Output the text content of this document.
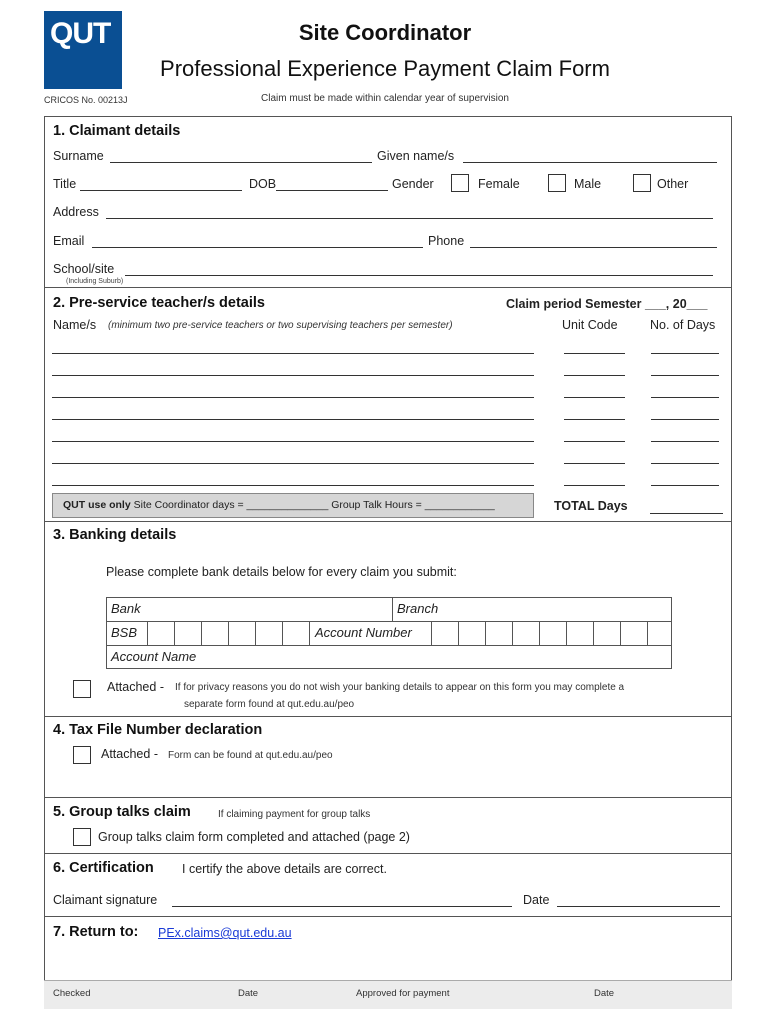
QUT
CRICOS No. 00213J
Site Coordinator
Professional Experience Payment Claim Form
Claim must be made within calendar year of supervision
1. Claimant details
Surname	Given name/s
Title	DOB	Gender	Female	Male	Other
Address
Email	Phone
School/site
(Including Suburb)
2. Pre-service teacher/s details	Claim period Semester ___, 20___
Name/s (minimum two pre-service teachers or two supervising teachers per semester)	Unit Code	No. of Days
QUT use only Site Coordinator days = ______________ Group Talk Hours = ____________	TOTAL Days
3. Banking details
Please complete bank details below for every claim you submit:
Bank	Branch
BSB	Account Number
Account Name
Attached - If for privacy reasons you do not wish your banking details to appear on this form you may complete a
separate form found at qut.edu.au/peo
4. Tax File Number declaration
Attached - Form can be found at qut.edu.au/peo
5. Group talks claim	If claiming payment for group talks
Group talks claim form completed and attached (page 2)
6. Certification I certify the above details are correct.
Claimant signature	Date
7. Return to: PEx.claims@qut.edu.au
Checked	Date	Approved for payment	Date
